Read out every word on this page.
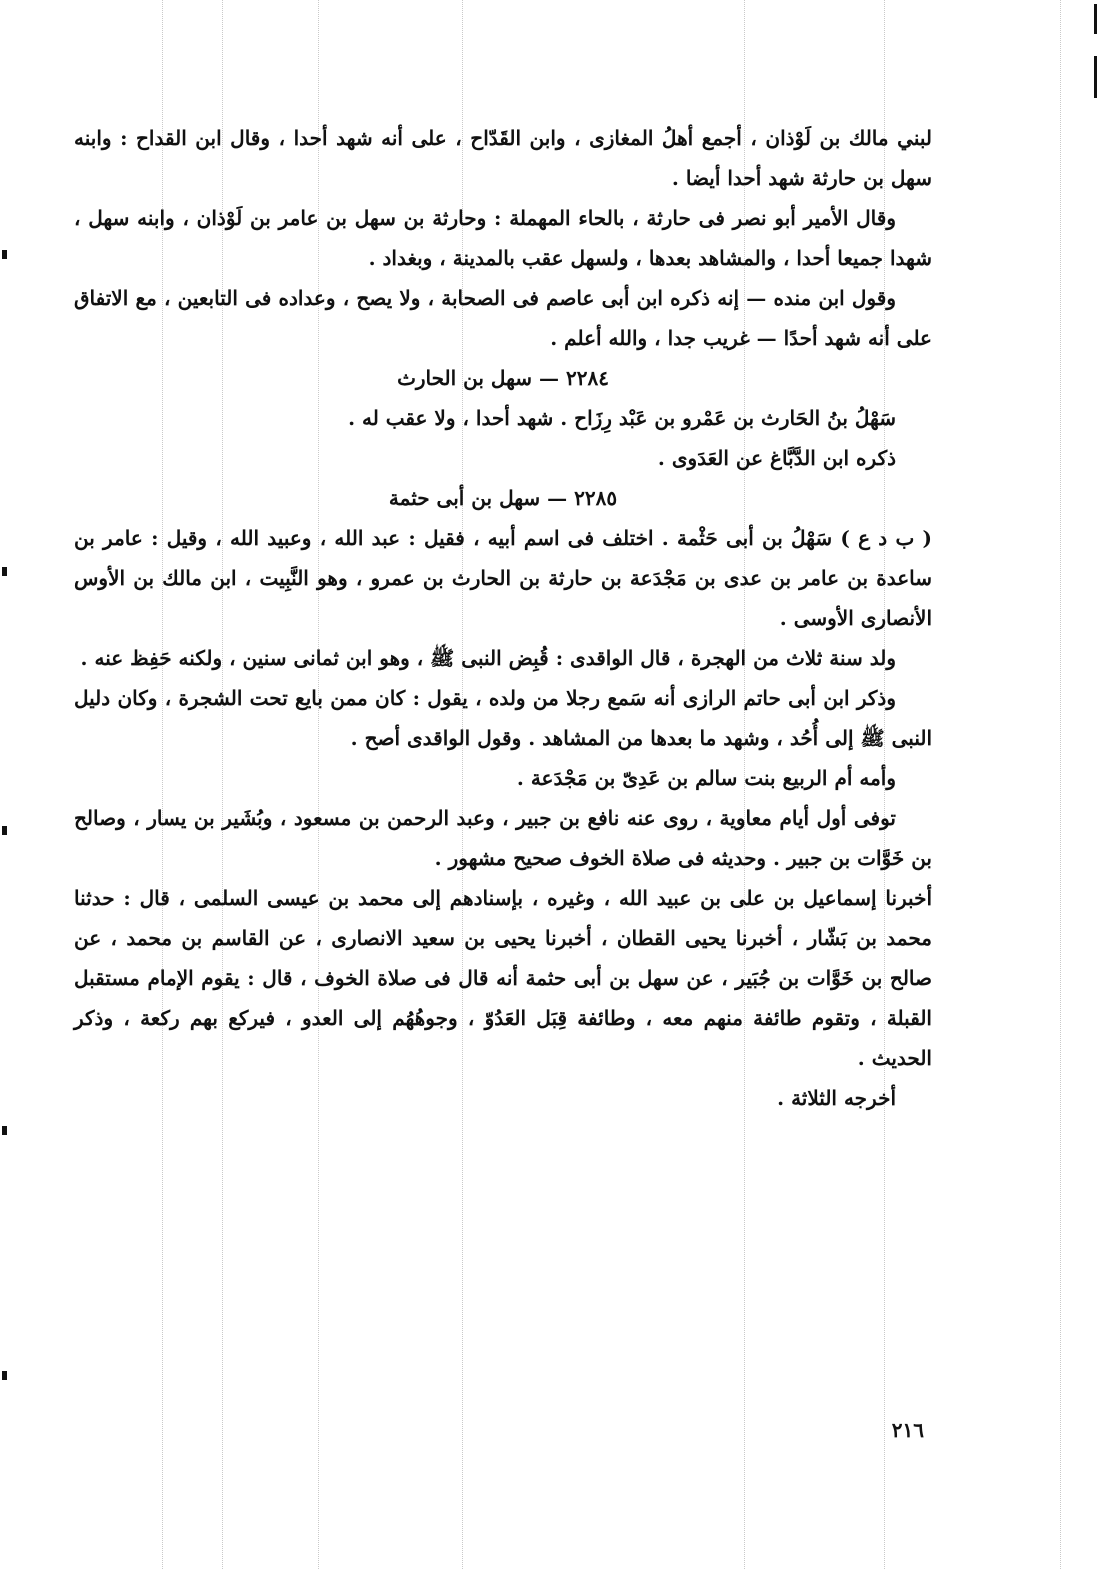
لبني مالك بن لَوْذان ، أجمع أهلُ المغازى ، وابن القَدّاح ، على أنه شهد أحدا ، وقال ابن القداح : وابنه سهل بن حارثة شهد أحدا أيضا .

وقال الأمير أبو نصر فى حارثة ، بالحاء المهملة : وحارثة بن سهل بن عامر بن لَوْذان ، وابنه سهل ، شهدا جميعا أحدا ، والمشاهد بعدها ، ولسهل عقب بالمدينة ، وبغداد .

وقول ابن منده — إنه ذكره ابن أبى عاصم فى الصحابة ، ولا يصح ، وعداده فى التابعين ، مع الاتفاق على أنه شهد أحدًا — غريب جدا ، والله أعلم .

٢٢٨٤ — سهل بن الحارث

سَهْلُ بنُ الحَارث بن عَمْرو بن عَبْد رِزَاح . شهد أحدا ، ولا عقب له .

ذكره ابن الدَّبَّاغ عن العَدَوى .

٢٢٨٥ — سهل بن أبى حثمة

( ب د ع ) سَهْلُ بن أبى حَثْمة . اختلف فى اسم أبيه ، فقيل : عبد الله ، وعبيد الله ، وقيل : عامر بن ساعدة بن عامر بن عدى بن مَجْدَعة بن حارثة بن الحارث بن عمرو ، وهو النَّبِيت ، ابن مالك بن الأوس الأنصارى الأوسى .

ولد سنة ثلاث من الهجرة ، قال الواقدى : قُبِض النبى ﷺ ، وهو ابن ثمانى سنين ، ولكنه حَفِظ عنه .

وذكر ابن أبى حاتم الرازى أنه سَمع رجلا من ولده ، يقول : كان ممن بايع تحت الشجرة ، وكان دليل النبى ﷺ إلى أُحُد ، وشهد ما بعدها من المشاهد . وقول الواقدى أصح .

وأمه أم الربيع بنت سالم بن عَدِىّ بن مَجْدَعة .

توفى أول أيام معاوية ، روى عنه نافع بن جبير ، وعبد الرحمن بن مسعود ، وبُشَير بن يسار ، وصالح بن خَوَّات بن جبير . وحديثه فى صلاة الخوف صحيح مشهور .

أخبرنا إسماعيل بن على بن عبيد الله ، وغيره ، بإسنادهم إلى محمد بن عيسى السلمى ، قال : حدثنا محمد بن بَشّار ، أخبرنا يحيى القطان ، أخبرنا يحيى بن سعيد الانصارى ، عن القاسم بن محمد ، عن صالح بن خَوَّات بن جُبَير ، عن سهل بن أبى حثمة أنه قال فى صلاة الخوف ، قال : يقوم الإمام مستقبل القبلة ، وتقوم طائفة منهم معه ، وطائفة قِبَل العَدُوّ ، وجوهُهُم إلى العدو ، فيركع بهم ركعة ، وذكر الحديث .

أخرجه الثلاثة .

٢١٦
